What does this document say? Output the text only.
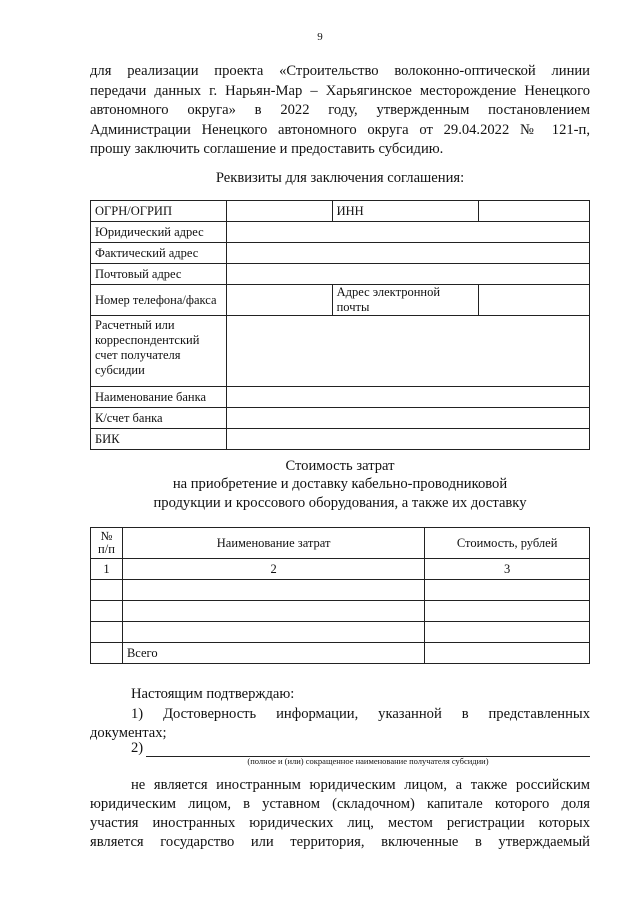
9
для реализации проекта «Строительство волоконно-оптической линии
передачи данных г. Нарьян-Мар – Харьягинское месторождение Ненецкого
автономного округа» в 2022 году, утвержденным постановлением
Администрации Ненецкого автономного округа от 29.04.2022 № 121-п,
прошу заключить соглашение и предоставить субсидию.
Реквизиты для заключения соглашения:
ОГРН/ОГРИП		ИНН	
Юридический адрес			
Фактический адрес			
Почтовый адрес			
Номер телефона/факса		Адрес электронной почты	
Расчетный или корреспондентский счет получателя субсидии			
Наименование банка			
К/счет банка			
БИК			
Стоимость затрат
на приобретение и доставку кабельно-проводниковой
продукции и кроссового оборудования, а также их доставку
№ п/п	Наименование затрат	Стоимость, рублей
1	2	3

	Всего	
Настоящим подтверждаю:
1) Достоверность информации, указанной в представленных
документах;
2)
(полное и (или) сокращенное наименование получателя субсидии)
не является иностранным юридическим лицом, а также российским
юридическим лицом, в уставном (складочном) капитале которого доля
участия иностранных юридических лиц, местом регистрации которых
является государство или территория, включенные в утверждаемый
